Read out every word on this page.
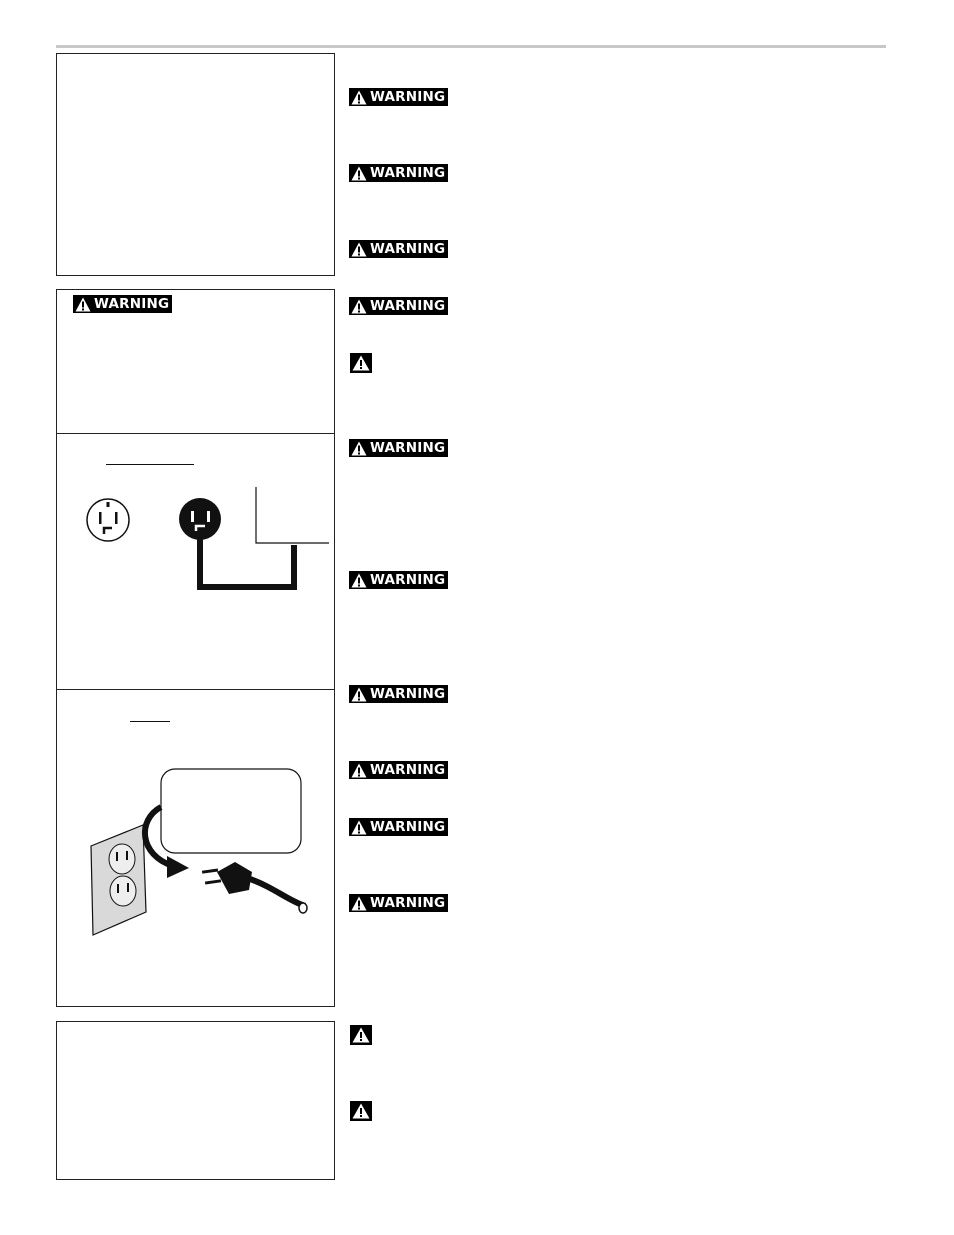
WARNING
WARNING
WARNING
WARNING
WARNING
WARNING
WARNING
WARNING
WARNING
WARNING
WARNING
